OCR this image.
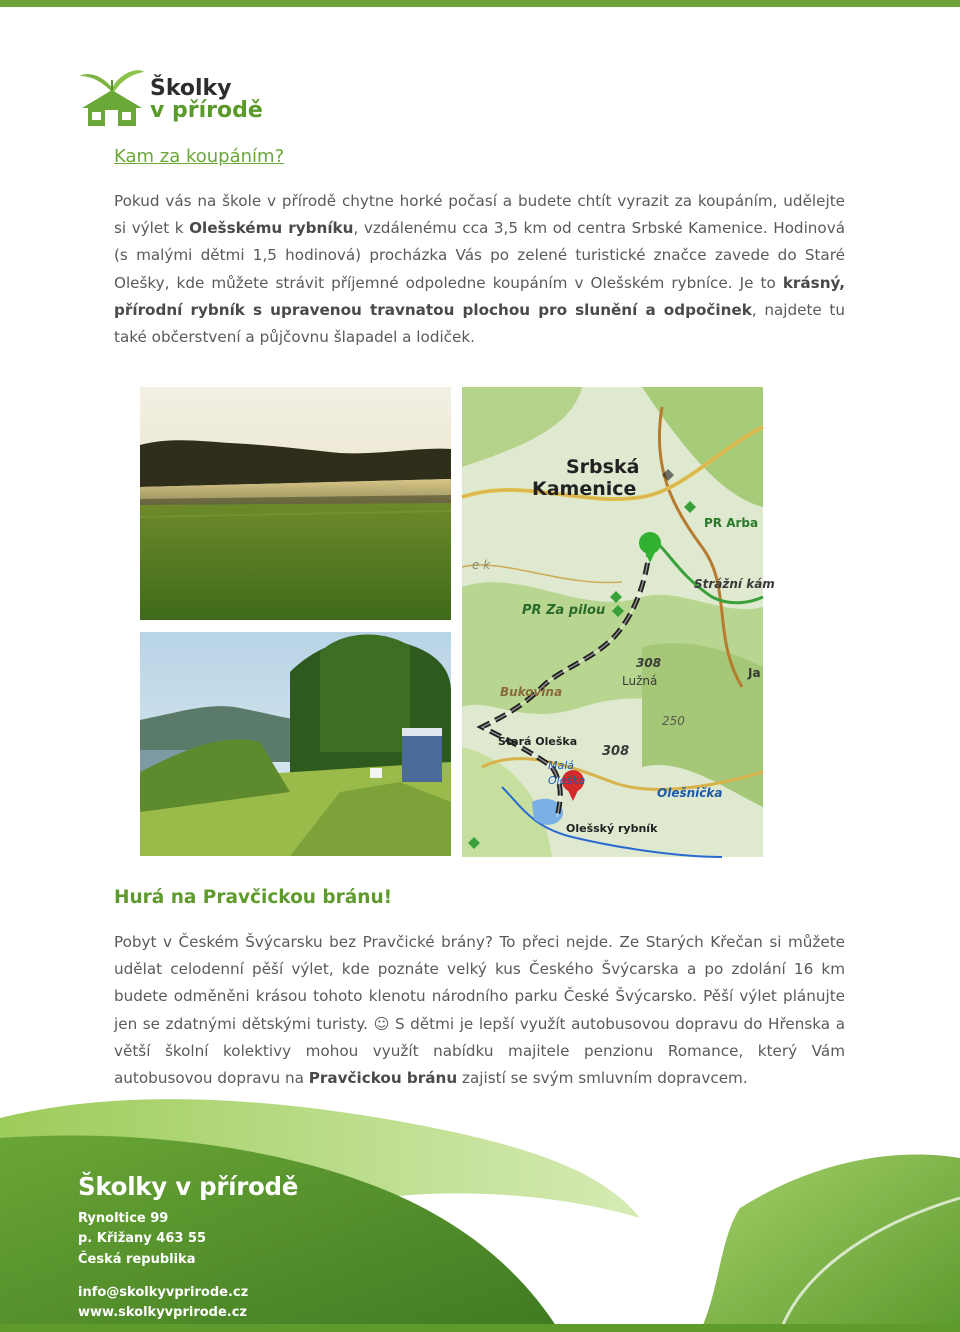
Školky
v přírodě
Kam za koupáním?

Pokud vás na škole v přírodě chytne horké počasí a budete chtít vyrazit za koupáním, udělejte si výlet k Olešskému rybníku, vzdálenému cca 3,5 km od centra Srbské Kamenice. Hodinová (s malými dětmi 1,5 hodinová) procházka Vás po zelené turistické značce zavede do Staré Olešky, kde můžete strávit příjemné odpoledne koupáním v Olešském rybníce. Je to krásný, přírodní rybník s upravenou travnatou plochou pro slunění a odpočinek, najdete tu také občerstvení a půjčovnu šlapadel a lodiček.

Srbská
Kamenice
PR Arba
Strážní kám
PR Za pilou
e k
308
Lužná
Ja
Bukovina
250
Stará Oleška
308
Malá
Oleška
Olešnička
Olešský rybník
Hurá na Pravčickou bránu!

Pobyt v Českém Švýcarsku bez Pravčické brány? To přeci nejde. Ze Starých Křečan si můžete udělat celodenní pěší výlet, kde poznáte velký kus Českého Švýcarska a po zdolání 16 km budete odměněni krásou tohoto klenotu národního parku České Švýcarsko. Pěší výlet plánujte jen se zdatnými dětskými turisty. ☺ S dětmi je lepší využít autobusovou dopravu do Hřenska a větší školní kolektivy mohou využít nabídku majitele penzionu Romance, který Vám autobusovou dopravu na Pravčickou bránu zajistí se svým smluvním dopravcem.

Školky v přírodě
Rynoltice 99
p. Křižany 463 55
Česká republika
info@skolkyvprirode.cz
www.skolkyvprirode.cz
